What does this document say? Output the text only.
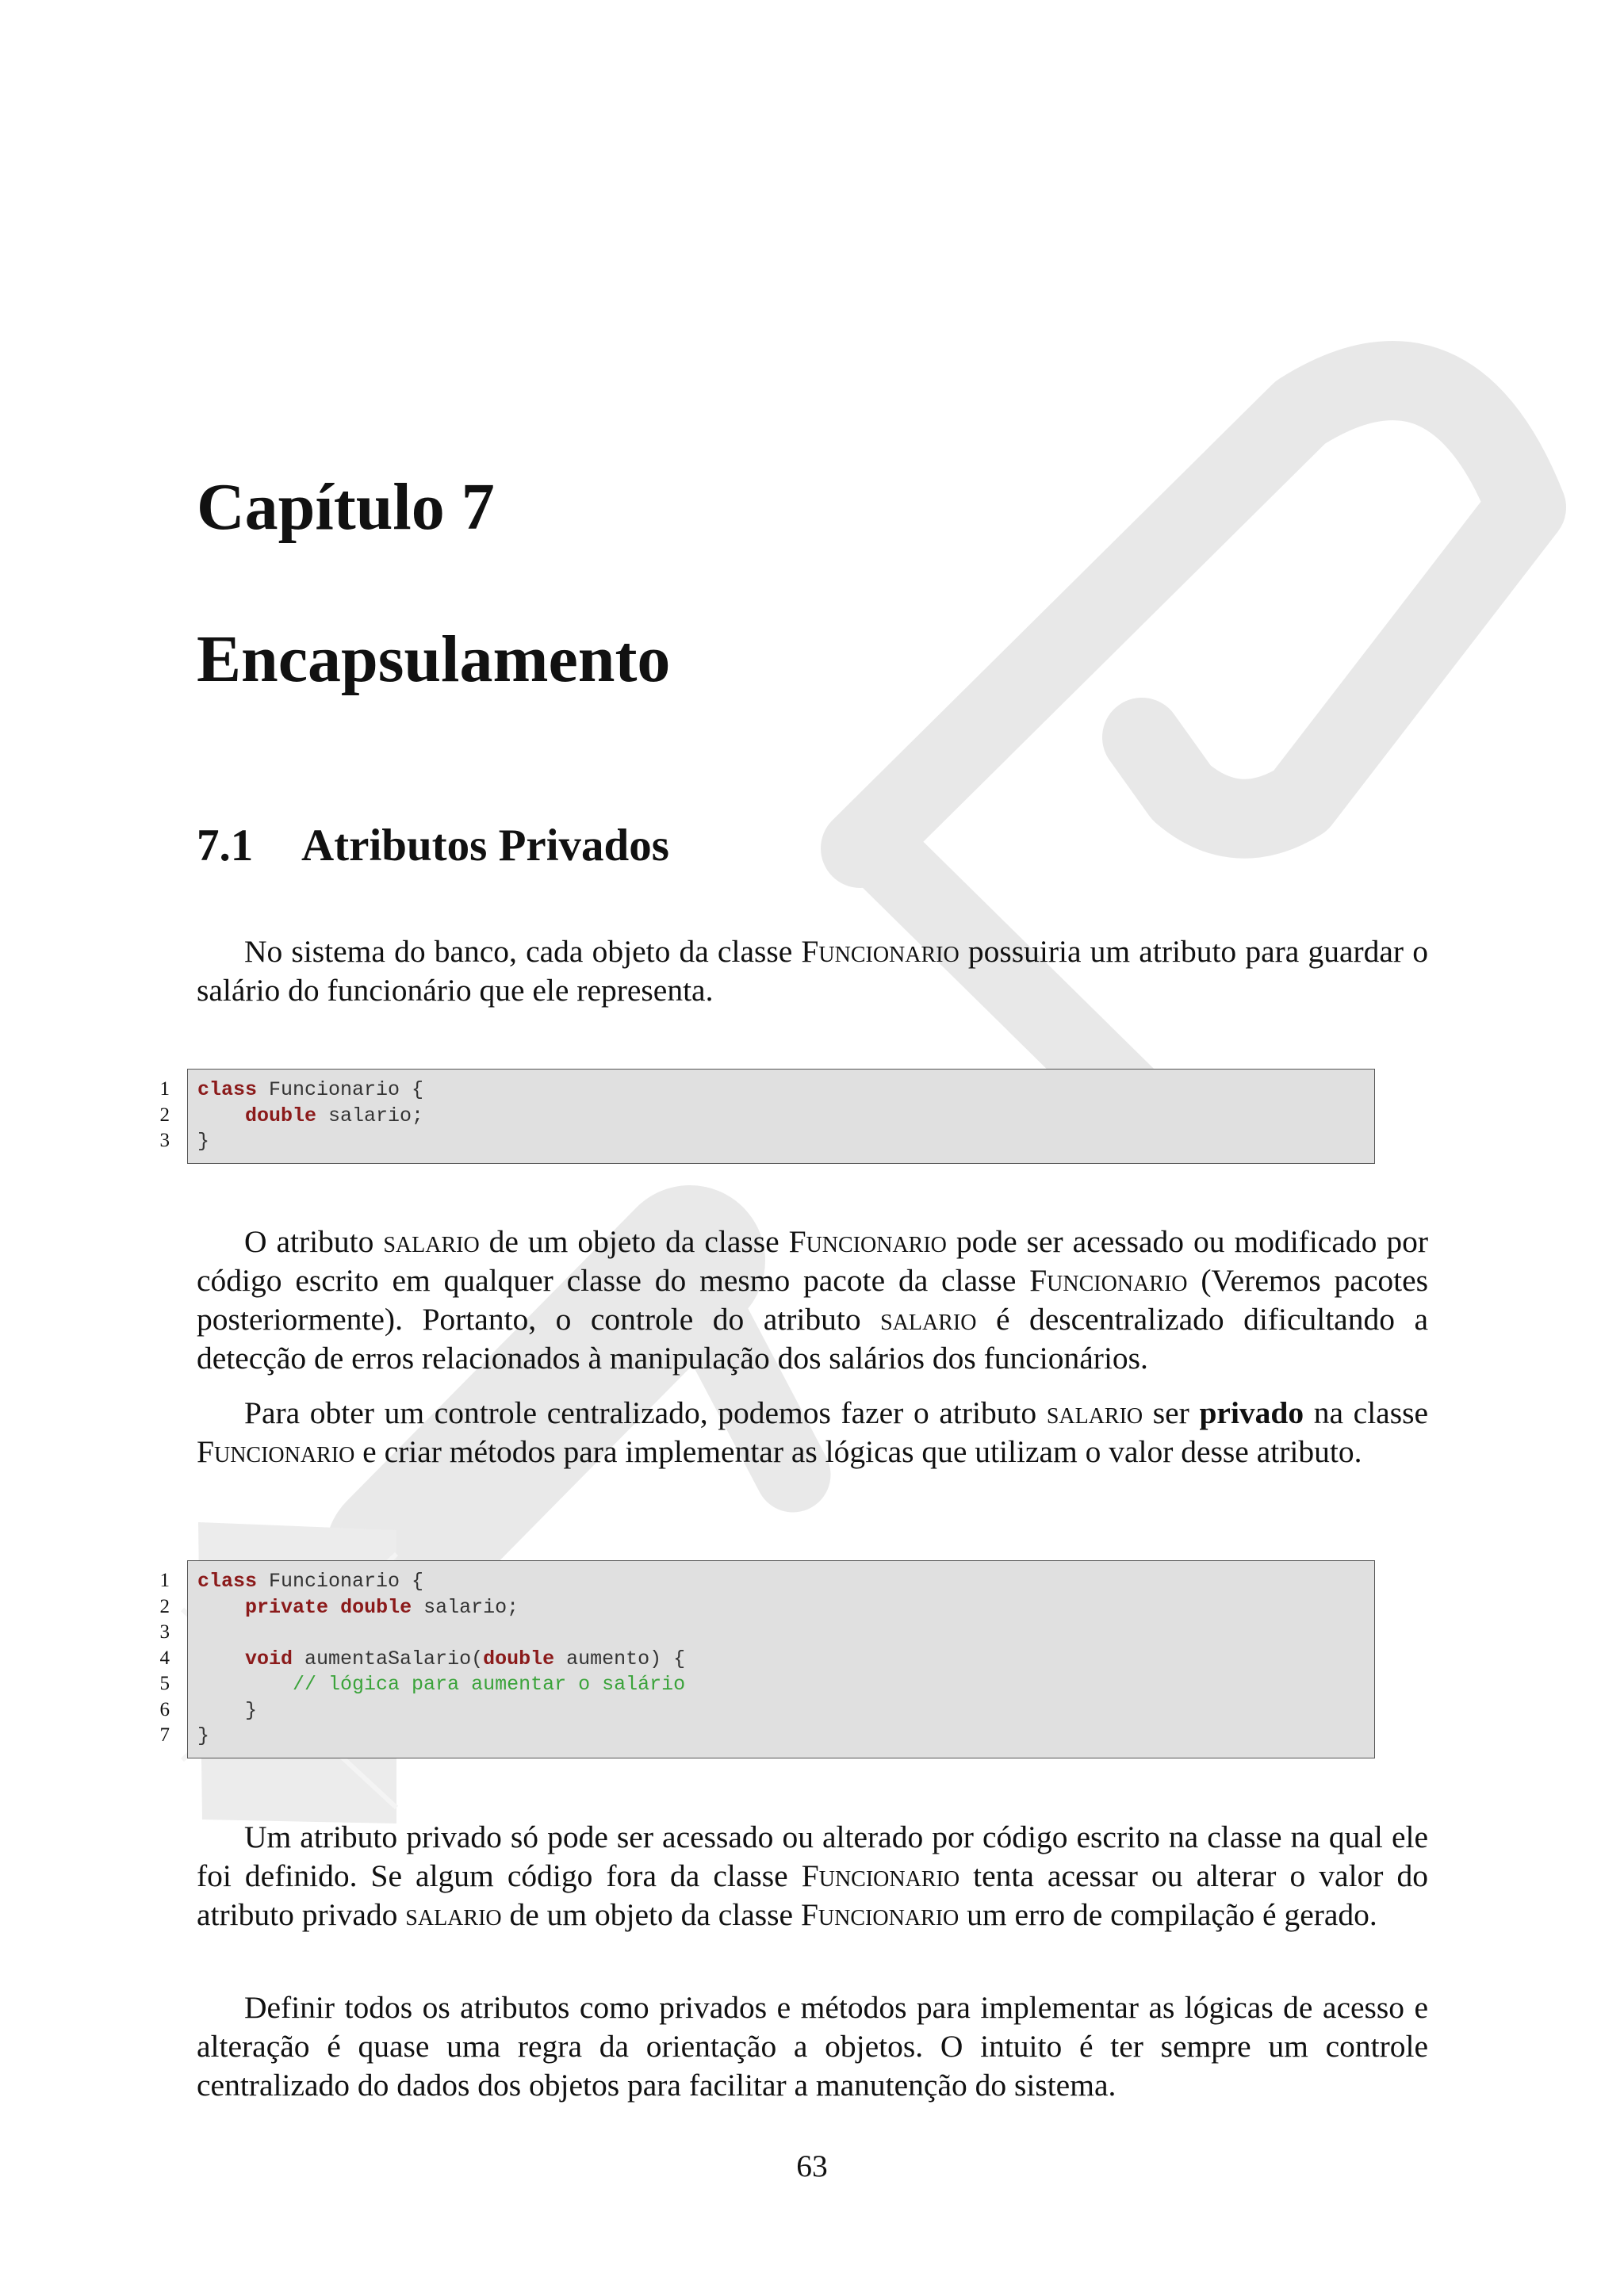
Capítulo 7
Encapsulamento
7.1 Atributos Privados

No sistema do banco, cada objeto da classe Funcionario possuiria um atributo para guardar o salário do funcionário que ele representa.

1
2
3
class Funcionario {
double salario;
}

O atributo salario de um objeto da classe Funcionario pode ser acessado ou modificado por código escrito em qualquer classe do mesmo pacote da classe Funcionario (Veremos pacotes posteriormente). Portanto, o controle do atributo salario é descentralizado dificultando a detecção de erros relacionados à manipulação dos salários dos funcionários.

Para obter um controle centralizado, podemos fazer o atributo salario ser privado na classe Funcionario e criar métodos para implementar as lógicas que utilizam o valor desse atributo.

1
2
3
4
5
6
7
class Funcionario {
private double salario;
void aumentaSalario(double aumento) {
// lógica para aumentar o salário
}
}

Um atributo privado só pode ser acessado ou alterado por código escrito na classe na qual ele foi definido. Se algum código fora da classe Funcionario tenta acessar ou alterar o valor do atributo privado salario de um objeto da classe Funcionario um erro de compilação é gerado.

Definir todos os atributos como privados e métodos para implementar as lógicas de acesso e alteração é quase uma regra da orientação a objetos. O intuito é ter sempre um controle centralizado do dados dos objetos para facilitar a manutenção do sistema.

63
